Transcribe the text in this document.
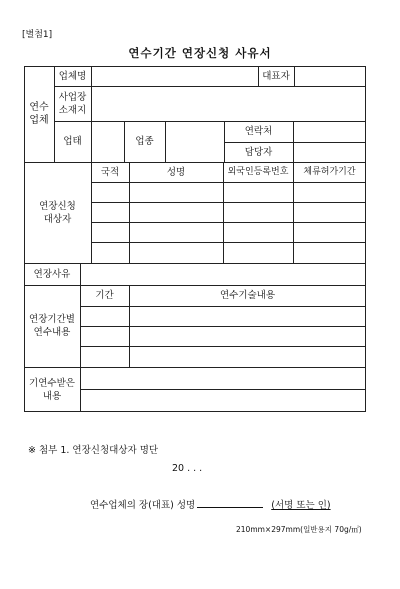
[별첨1]
연수기간 연장신청 사유서
연수업체
업체명	대표자
사업장소재지
업태	업종
연락처
담당자
연장신청대상자
국적	성명	외국인등록번호	체류허가기간
연장사유
연장기간별연수내용
기간	연수기술내용
기연수받은 내용
※ 첨부 1. 연장신청대상자 명단
20 . . .
연수업체의 장(대표) 성명	(서명 또는 인)
210mm×297mm(일반용지 70g/㎡)
